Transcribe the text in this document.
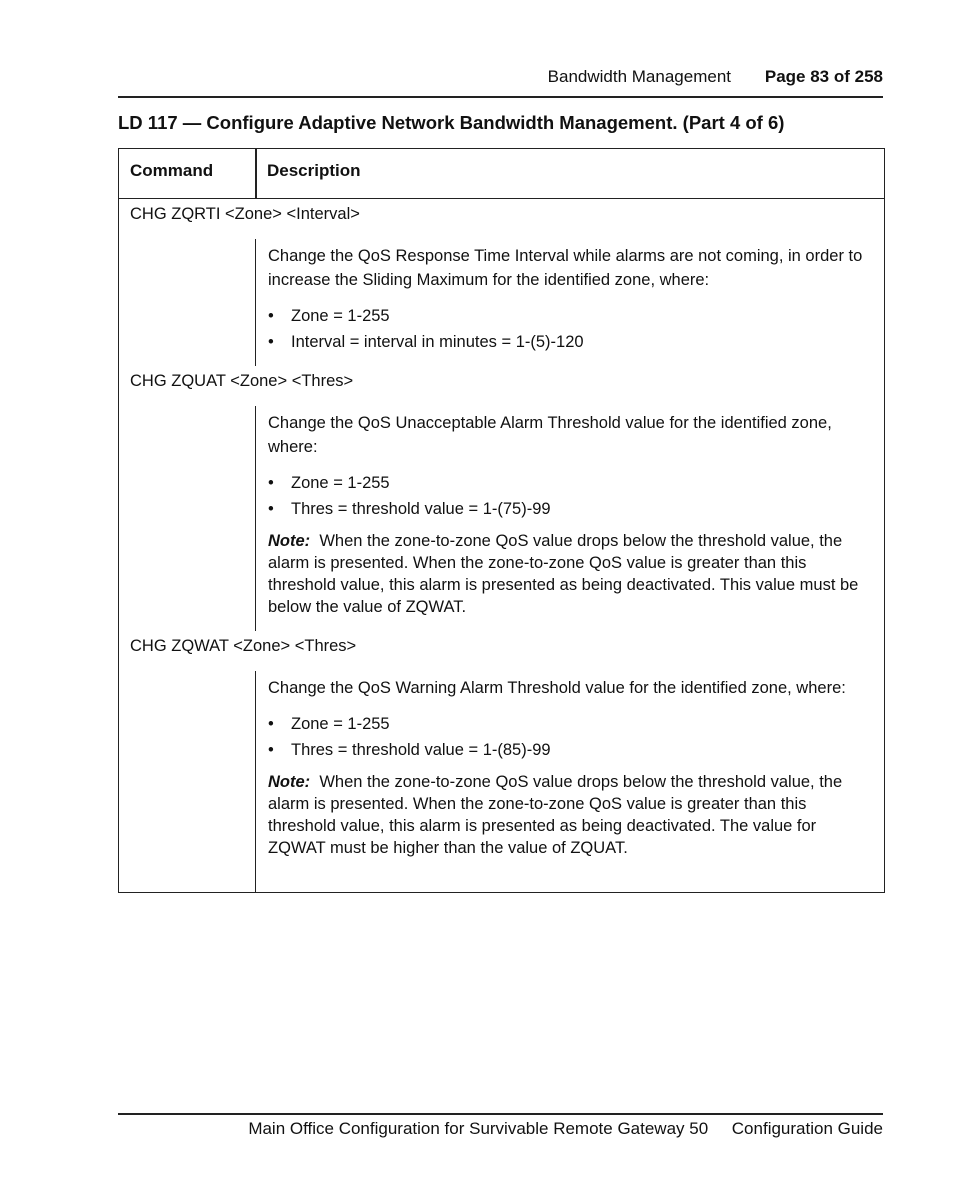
Bandwidth Management Page 83 of 258
LD 117 — Configure Adaptive Network Bandwidth Management. (Part 4 of 6)
Command	Description
CHG ZQRTI <Zone> <Interval>

Change the QoS Response Time Interval while alarms are not coming, in order to increase the Sliding Maximum for the identified zone, where:

• Zone = 1-255
• Interval = interval in minutes = 1-(5)-120
CHG ZQUAT <Zone> <Thres>

Change the QoS Unacceptable Alarm Threshold value for the identified zone, where:

• Zone = 1-255
• Thres = threshold value = 1-(75)-99

Note: When the zone-to-zone QoS value drops below the threshold value, the alarm is presented. When the zone-to-zone QoS value is greater than this threshold value, this alarm is presented as being deactivated. This value must be below the value of ZQWAT.

CHG ZQWAT <Zone> <Thres>

Change the QoS Warning Alarm Threshold value for the identified zone, where:

• Zone = 1-255
• Thres = threshold value = 1-(85)-99

Note: When the zone-to-zone QoS value drops below the threshold value, the alarm is presented. When the zone-to-zone QoS value is greater than this threshold value, this alarm is presented as being deactivated. The value for ZQWAT must be higher than the value of ZQUAT.

Main Office Configuration for Survivable Remote Gateway 50     Configuration Guide
